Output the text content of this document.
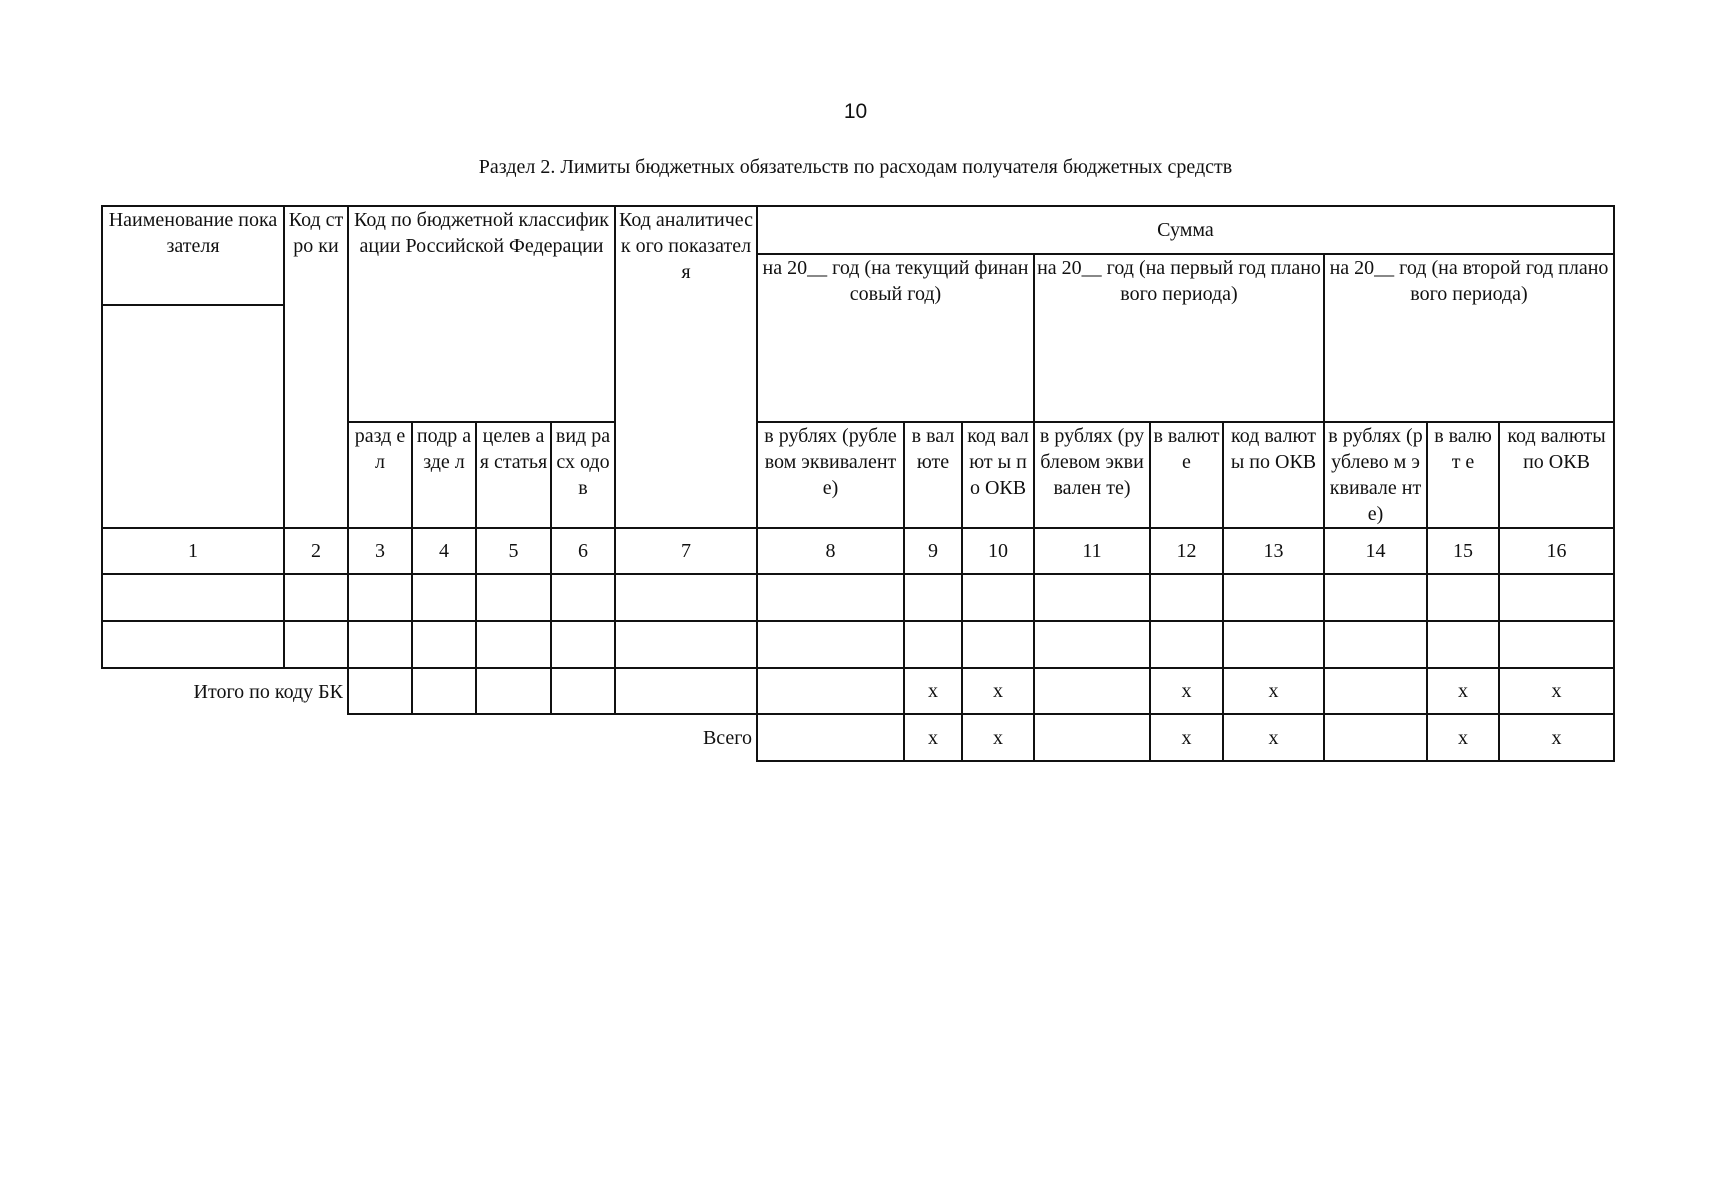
10
Раздел 2. Лимиты бюджетных обязательств по расходам получателя бюджетных средств
Наименование показателя	Код стро ки	Код по бюджетной классификации Российской Федерации				Код аналитическ ого показателя	Сумма								
							на 20__ год (на текущий финансовый год)			на 20__ год (на первый год планового периода)			на 20__ год (на второй год планового периода)		

		разд ел	подр азде л	целев ая статья	вид расх одов		в рублях (рублевом эквиваленте)	в вал юте	код валют ы по ОКВ	в рублях (рублевом эквивален те)	в валют е	код валюты по ОКВ	в рублях (рублево м эквивале нте)	в валют е	код валюты по ОКВ
1	2	3	4	5	6	7	8	9	10	11	12	13	14	15	16

Итого по коду БК								x	x		x	x		x	x
Всего								x	x		x	x		x	x
